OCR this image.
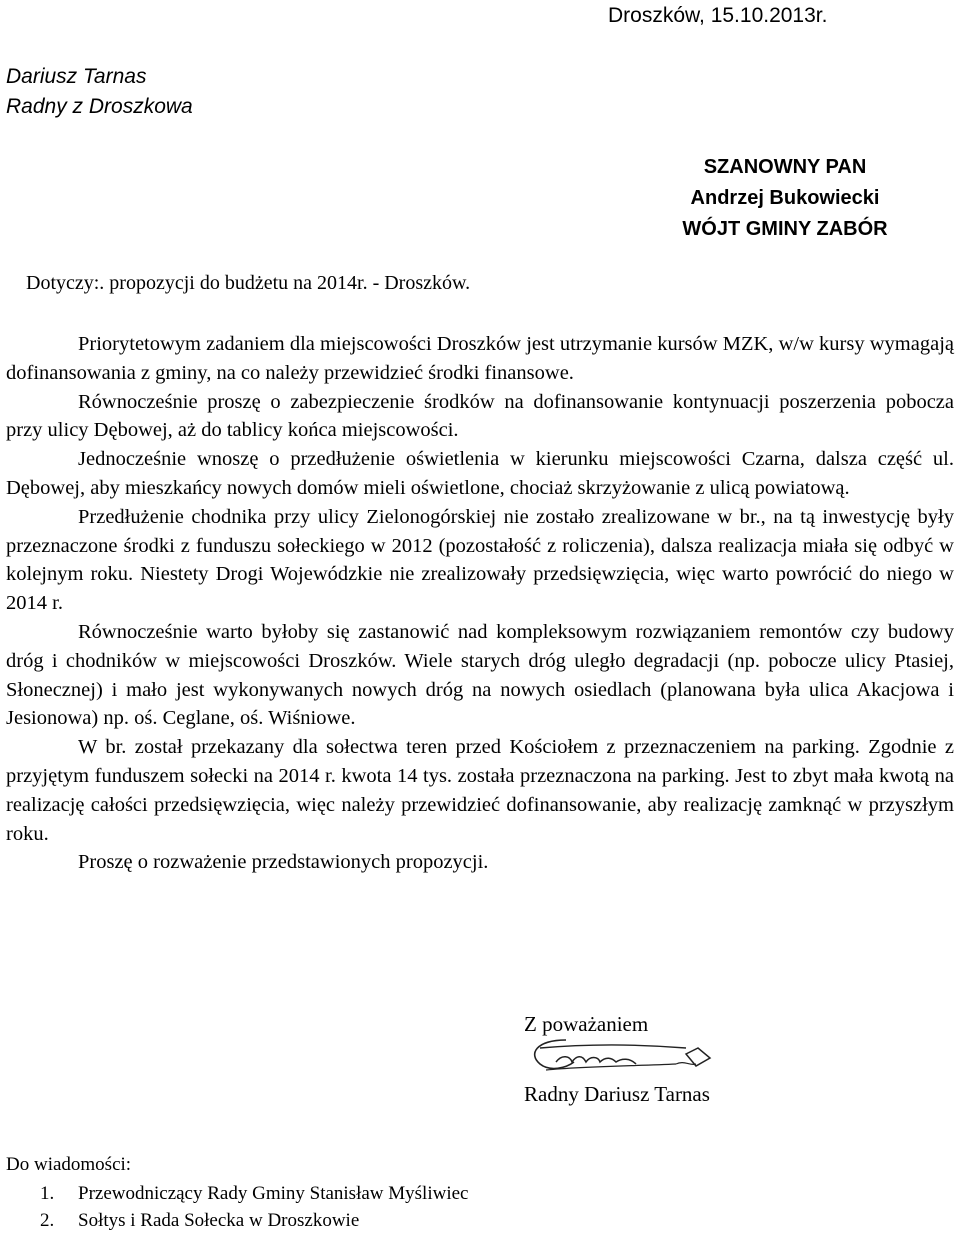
Droszków, 15.10.2013r.
Dariusz Tarnas
Radny z Droszkowa
SZANOWNY PAN
Andrzej Bukowiecki
WÓJT GMINY ZABÓR
Dotyczy:. propozycji do budżetu na 2014r. - Droszków.

Priorytetowym zadaniem dla miejscowości Droszków jest utrzymanie kursów MZK, w/w kursy wymagają dofinansowania z gminy, na co należy przewidzieć środki finansowe.

Równocześnie proszę o zabezpieczenie środków na dofinansowanie kontynuacji poszerzenia pobocza przy ulicy Dębowej, aż do tablicy końca miejscowości.

Jednocześnie wnoszę o przedłużenie oświetlenia w kierunku miejscowości Czarna, dalsza część ul. Dębowej, aby mieszkańcy nowych domów mieli oświetlone, chociaż skrzyżowanie z ulicą powiatową.

Przedłużenie chodnika przy ulicy Zielonogórskiej nie zostało zrealizowane w br., na tą inwestycję były przeznaczone środki z funduszu sołeckiego w 2012 (pozostałość z roliczenia), dalsza realizacja miała się odbyć w kolejnym roku. Niestety Drogi Wojewódzkie nie zrealizowały przedsięwzięcia, więc warto powrócić do niego w 2014 r.

Równocześnie warto byłoby się zastanowić nad kompleksowym rozwiązaniem remontów czy budowy dróg i chodników w miejscowości Droszków. Wiele starych dróg uległo degradacji (np. pobocze ulicy Ptasiej, Słonecznej) i mało jest wykonywanych nowych dróg na nowych osiedlach (planowana była ulica Akacjowa i Jesionowa) np. oś. Ceglane, oś. Wiśniowe.

W br. został przekazany dla sołectwa teren przed Kościołem z przeznaczeniem na parking. Zgodnie z przyjętym funduszem sołecki na 2014 r. kwota 14 tys. została przeznaczona na parking. Jest to zbyt mała kwotą na realizację całości przedsięwzięcia, więc należy przewidzieć dofinansowanie, aby realizację zamknąć w przyszłym roku.

Proszę o rozważenie przedstawionych propozycji.

Z poważaniem
Radny Dariusz Tarnas
Do wiadomości:
1. Przewodniczący Rady Gminy Stanisław Myśliwiec
2. Sołtys i Rada Sołecka w Droszkowie
